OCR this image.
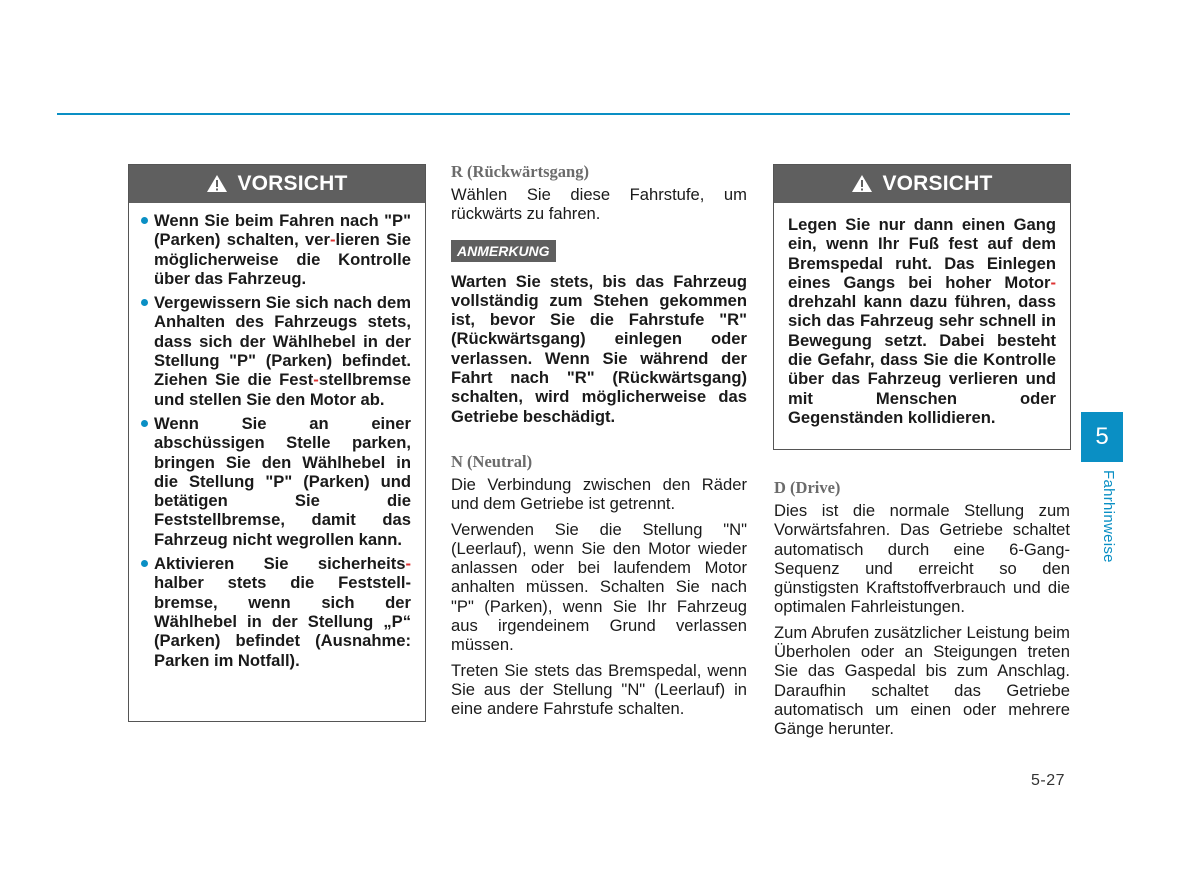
VORSICHT
Wenn Sie beim Fahren nach "P" (Parken) schalten, ver-lieren Sie möglicherweise die Kontrolle über das Fahrzeug.
Vergewissern Sie sich nach dem Anhalten des Fahrzeugs stets, dass sich der Wählhebel in der Stellung "P" (Parken) befindet. Ziehen Sie die Fest-stellbremse und stellen Sie den Motor ab.
Wenn Sie an einer abschüssigen Stelle parken, bringen Sie den Wählhebel in die Stellung "P" (Parken) und betätigen Sie die Feststellbremse, damit das Fahrzeug nicht wegrollen kann.
Aktivieren Sie sicherheits-halber stets die Feststell- bremse, wenn sich der Wählhebel in der Stellung „P“ (Parken) befindet (Ausnahme: Parken im Notfall).
R (Rückwärtsgang)

Wählen Sie diese Fahrstufe, um rückwärts zu fahren.

ANMERKUNG

Warten Sie stets, bis das Fahrzeug vollständig zum Stehen gekommen ist, bevor Sie die Fahrstufe "R" (Rückwärtsgang) einlegen oder verlassen. Wenn Sie während der Fahrt nach "R" (Rückwärtsgang) schalten, wird möglicherweise das Getriebe beschädigt.

N (Neutral)

Die Verbindung zwischen den Räder und dem Getriebe ist getrennt.

Verwenden Sie die Stellung "N" (Leerlauf), wenn Sie den Motor wieder anlassen oder bei laufendem Motor anhalten müssen. Schalten Sie nach "P" (Parken), wenn Sie Ihr Fahrzeug aus irgendeinem Grund verlassen müssen.

Treten Sie stets das Bremspedal, wenn Sie aus der Stellung "N" (Leerlauf) in eine andere Fahrstufe schalten.

VORSICHT
Legen Sie nur dann einen Gang ein, wenn Ihr Fuß fest auf dem Bremspedal ruht. Das Einlegen eines Gangs bei hoher Motor-drehzahl kann dazu führen, dass sich das Fahrzeug sehr schnell in Bewegung setzt. Dabei besteht die Gefahr, dass Sie die Kontrolle über das Fahrzeug verlieren und mit Menschen oder Gegenständen kollidieren.
D (Drive)

Dies ist die normale Stellung zum Vorwärtsfahren. Das Getriebe schaltet automatisch durch eine 6-Gang- Sequenz und erreicht so den günstigsten Kraftstoffverbrauch und die optimalen Fahrleistungen.

Zum Abrufen zusätzlicher Leistung beim Überholen oder an Steigungen treten Sie das Gaspedal bis zum Anschlag. Daraufhin schaltet das Getriebe automatisch um einen oder mehrere Gänge herunter.

5
Fahrhinweise
5-27
